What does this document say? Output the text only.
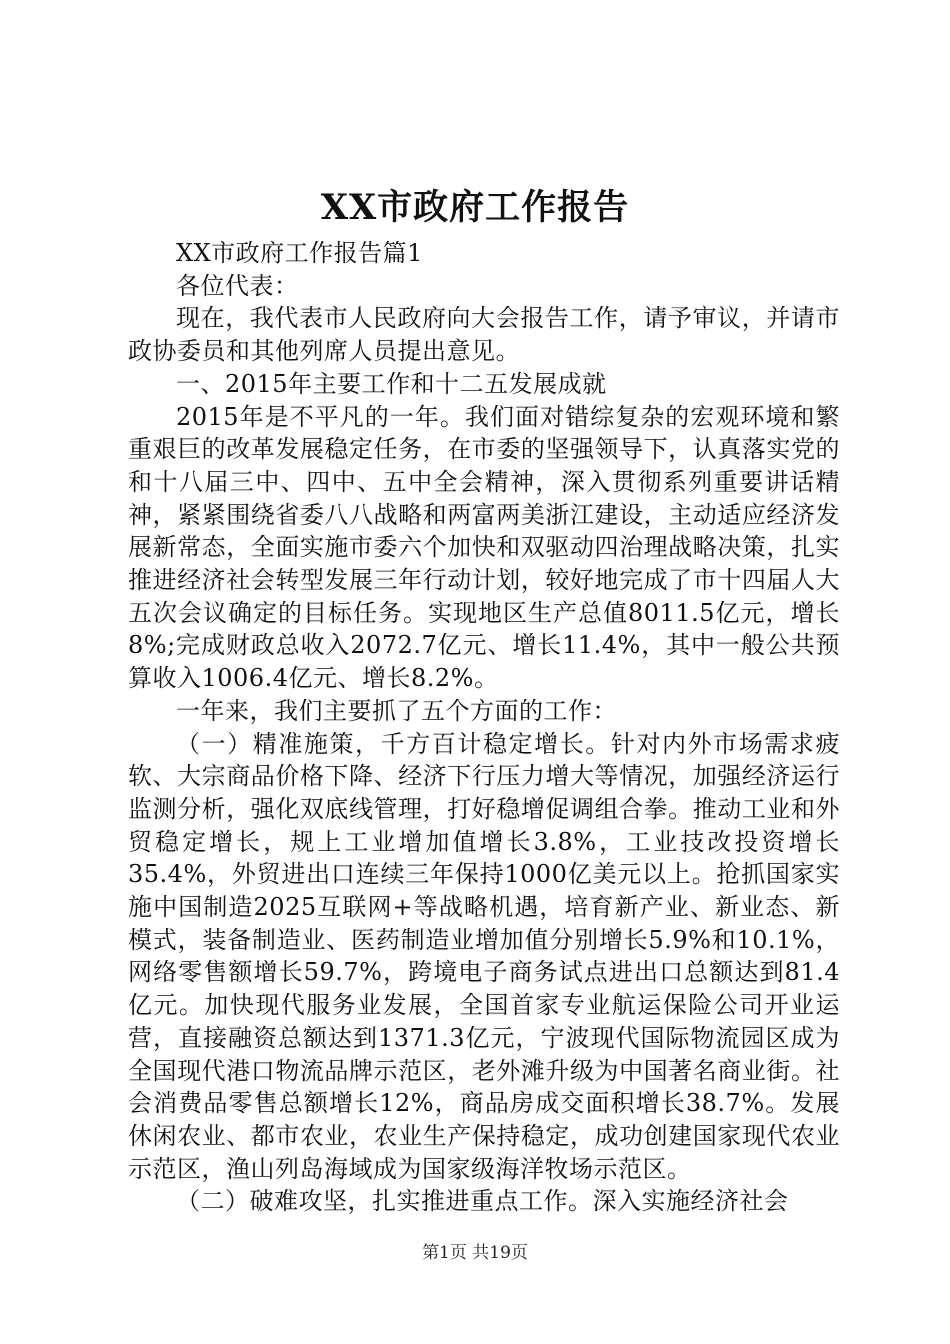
XX市政府工作报告

XX市政府工作报告篇1

各位代表：

现在，我代表市人民政府向大会报告工作，请予审议，并请市政协委员和其他列席人员提出意见。

一、2015年主要工作和十二五发展成就

2015年是不平凡的一年。我们面对错综复杂的宏观环境和繁重艰巨的改革发展稳定任务，在市委的坚强领导下，认真落实党的和十八届三中、四中、五中全会精神，深入贯彻系列重要讲话精神，紧紧围绕省委八八战略和两富两美浙江建设，主动适应经济发展新常态，全面实施市委六个加快和双驱动四治理战略决策，扎实推进经济社会转型发展三年行动计划，较好地完成了市十四届人大五次会议确定的目标任务。实现地区生产总值8011.5亿元，增长8%;完成财政总收入2072.7亿元、增长11.4%，其中一般公共预算收入1006.4亿元、增长8.2%。

一年来，我们主要抓了五个方面的工作：

（一）精准施策，千方百计稳定增长。针对内外市场需求疲软、大宗商品价格下降、经济下行压力增大等情况，加强经济运行监测分析，强化双底线管理，打好稳增促调组合拳。推动工业和外贸稳定增长，规上工业增加值增长3.8%，工业技改投资增长35.4%，外贸进出口连续三年保持1000亿美元以上。抢抓国家实施中国制造2025互联网+等战略机遇，培育新产业、新业态、新模式，装备制造业、医药制造业增加值分别增长5.9%和10.1%，网络零售额增长59.7%，跨境电子商务试点进出口总额达到81.4亿元。加快现代服务业发展，全国首家专业航运保险公司开业运营，直接融资总额达到1371.3亿元，宁波现代国际物流园区成为全国现代港口物流品牌示范区，老外滩升级为中国著名商业街。社会消费品零售总额增长12%，商品房成交面积增长38.7%。发展休闲农业、都市农业，农业生产保持稳定，成功创建国家现代农业示范区，渔山列岛海域成为国家级海洋牧场示范区。

（二）破难攻坚，扎实推进重点工作。深入实施经济社会

第1页 共19页
